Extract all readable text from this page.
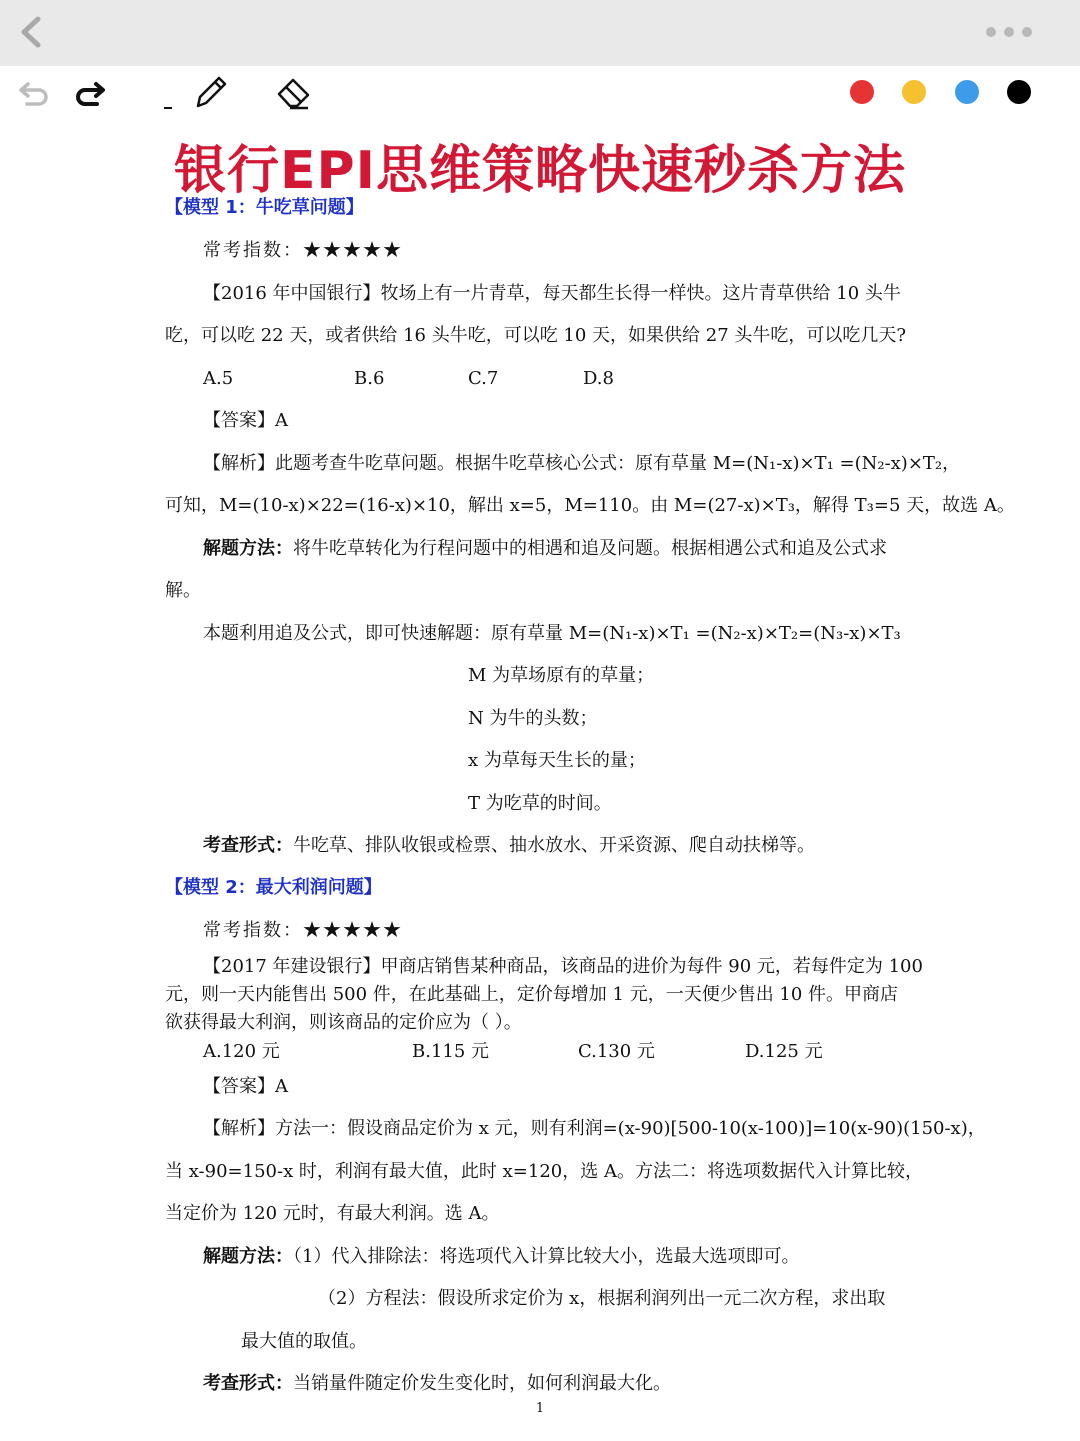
银行EPI思维策略快速秒杀方法
【模型 1：牛吃草问题】
常考指数：★★★★★
【2016 年中国银行】牧场上有一片青草，每天都生长得一样快。这片青草供给 10 头牛
吃，可以吃 22 天，或者供给 16 头牛吃，可以吃 10 天，如果供给 27 头牛吃，可以吃几天?
A.5	B.6	C.7	D.8
【答案】A
【解析】此题考查牛吃草问题。根据牛吃草核心公式：原有草量 M=(N₁-x)×T₁ =(N₂-x)×T₂，
可知，M=(10-x)×22=(16-x)×10，解出 x=5，M=110。由 M=(27-x)×T₃，解得 T₃=5 天，故选 A。
解题方法：将牛吃草转化为行程问题中的相遇和追及问题。根据相遇公式和追及公式求
解。
本题利用追及公式，即可快速解题：原有草量 M=(N₁-x)×T₁ =(N₂-x)×T₂=(N₃-x)×T₃
M 为草场原有的草量；
N 为牛的头数；
x 为草每天生长的量；
T 为吃草的时间。
考查形式：牛吃草、排队收银或检票、抽水放水、开采资源、爬自动扶梯等。
【模型 2：最大利润问题】
常考指数：★★★★★
【2017 年建设银行】甲商店销售某种商品，该商品的进价为每件 90 元，若每件定为 100
元，则一天内能售出 500 件，在此基础上，定价每增加 1 元，一天便少售出 10 件。甲商店
欲获得最大利润，则该商品的定价应为（ ）。
A.120 元	B.115 元	C.130 元	D.125 元
【答案】A
【解析】方法一：假设商品定价为 x 元，则有利润=(x-90)[500-10(x-100)]=10(x-90)(150-x)，
当 x-90=150-x 时，利润有最大值，此时 x=120，选 A。方法二：将选项数据代入计算比较，
当定价为 120 元时，有最大利润。选 A。
解题方法：（1）代入排除法：将选项代入计算比较大小，选最大选项即可。
（2）方程法：假设所求定价为 x，根据利润列出一元二次方程，求出取
最大值的取值。
考查形式：当销量件随定价发生变化时，如何利润最大化。
1
